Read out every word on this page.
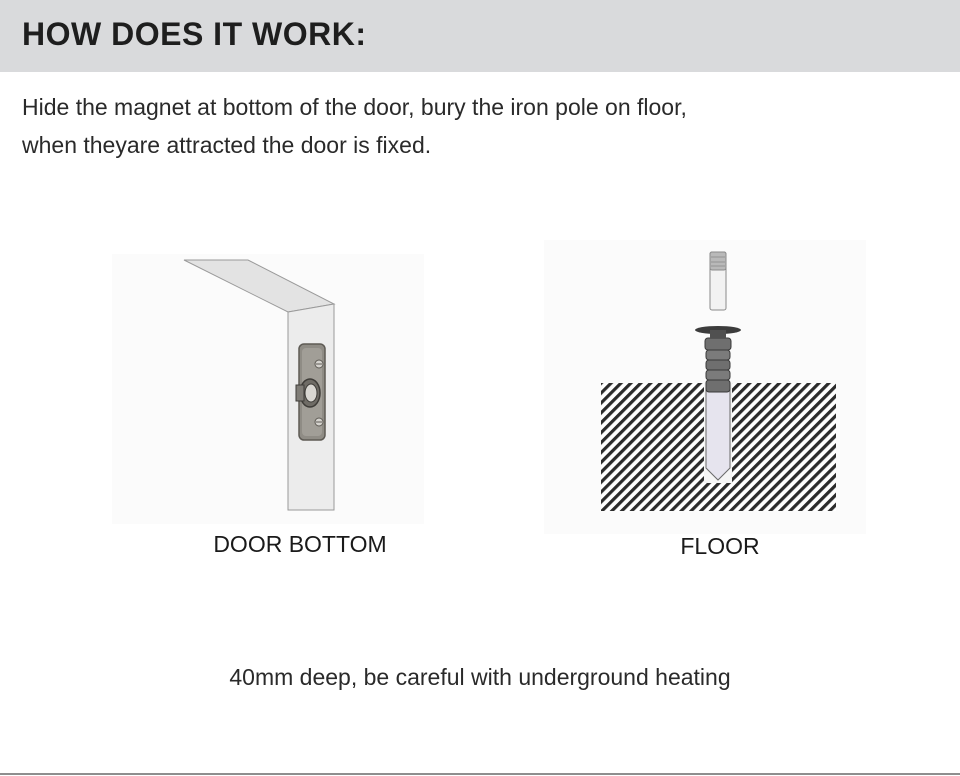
HOW DOES IT WORK:
Hide the magnet at bottom of the door, bury the iron pole on floor,
when theyare attracted the door is fixed.
DOOR BOTTOM	FLOOR
40mm deep, be careful with underground heating
